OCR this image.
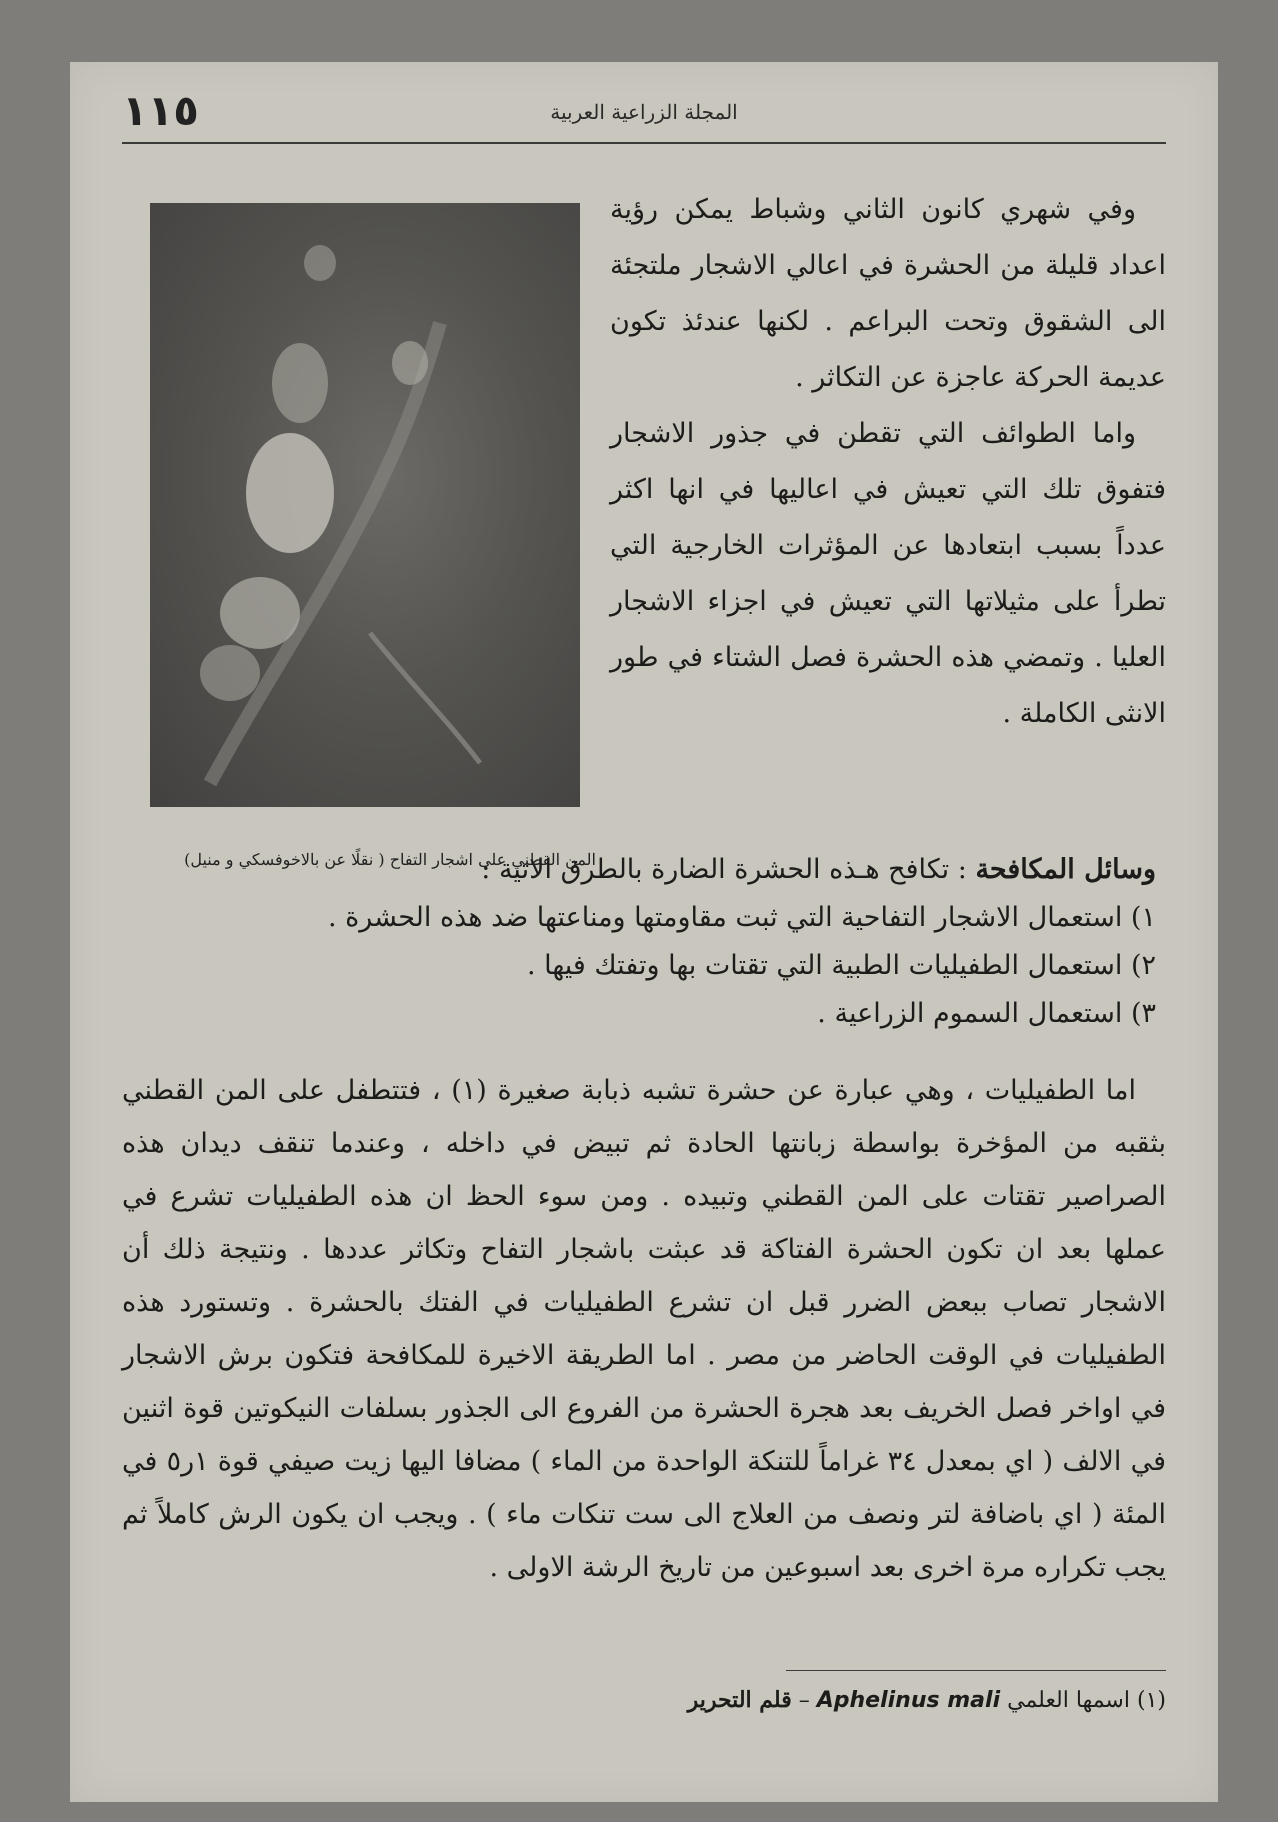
١١٥	المجلة الزراعية العربية
المن القطني على اشجار التفاح ( نقلًا عن بالاخوفسكي و منيل)

وفي شهري كانون الثاني وشباط يمكن رؤية اعداد قليلة من الحشرة في اعالي الاشجار ملتجئة الى الشقوق وتحت البراعم . لكنها عندئذ تكون عديمة الحركة عاجزة عن التكاثر .

واما الطوائف التي تقطن في جذور الاشجار فتفوق تلك التي تعيش في اعاليها في انها اكثر عدداً بسبب ابتعادها عن المؤثرات الخارجية التي تطرأ على مثيلاتها التي تعيش في اجزاء الاشجار العليا . وتمضي هذه الحشرة فصل الشتاء في طور الانثى الكاملة .

وسائل المكافحة : تكافح هـذه الحشرة الضارة بالطرق الاتية :
١) استعمال الاشجار التفاحية التي ثبت مقاومتها ومناعتها ضد هذه الحشرة .
٢) استعمال الطفيليات الطبية التي تقتات بها وتفتك فيها .
٣) استعمال السموم الزراعية .

اما الطفيليات ، وهي عبارة عن حشرة تشبه ذبابة صغيرة (١) ، فتتطفل على المن القطني بثقبه من المؤخرة بواسطة زبانتها الحادة ثم تبيض في داخله ، وعندما تنقف ديدان هذه الصراصير تقتات على المن القطني وتبيده . ومن سوء الحظ ان هذه الطفيليات تشرع في عملها بعد ان تكون الحشرة الفتاكة قد عبثت باشجار التفاح وتكاثر عددها . ونتيجة ذلك أن الاشجار تصاب ببعض الضرر قبل ان تشرع الطفيليات في الفتك بالحشرة . وتستورد هذه الطفيليات في الوقت الحاضر من مصر . اما الطريقة الاخيرة للمكافحة فتكون برش الاشجار في اواخر فصل الخريف بعد هجرة الحشرة من الفروع الى الجذور بسلفات النيكوتين قوة اثنين في الالف ( اي بمعدل ٣٤ غراماً للتنكة الواحدة من الماء ) مضافا اليها زيت صيفي قوة ١ر٥ في المئة ( اي باضافة لتر ونصف من العلاج الى ست تنكات ماء ) . ويجب ان يكون الرش كاملاً ثم يجب تكراره مرة اخرى بعد اسبوعين من تاريخ الرشة الاولى .

(١) اسمها العلمي Aphelinus mali – قلم التحرير
